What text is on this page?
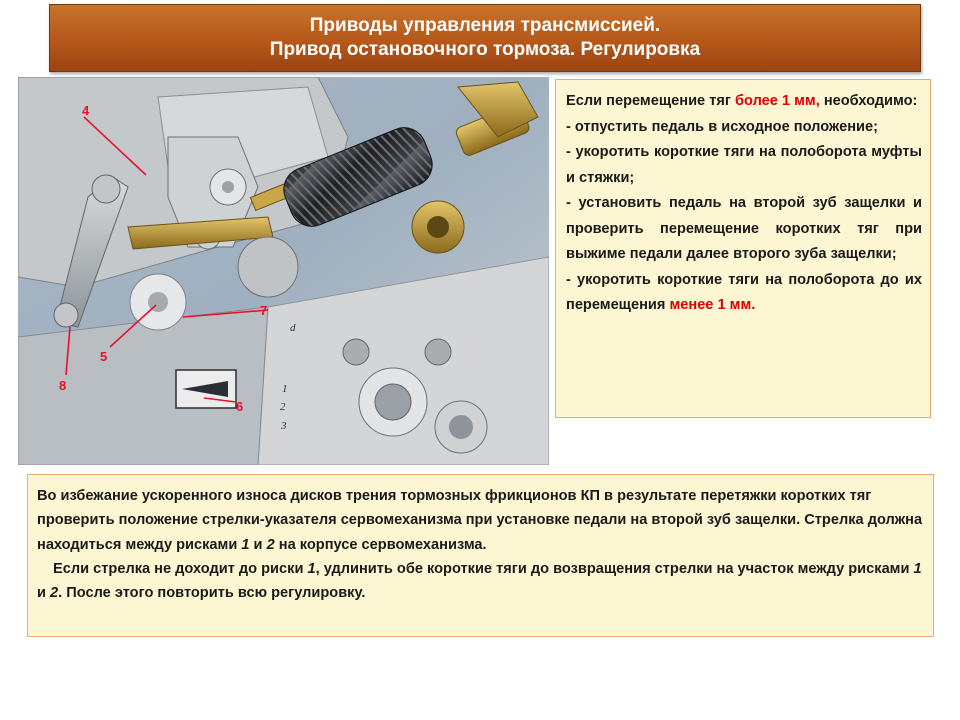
Приводы управления трансмиссией.
Привод остановочного тормоза. Регулировка
4
7
5
8
6
1
2
3
d

Если перемещение тяг более 1 мм, необходимо:

- отпустить педаль в исходное положение;

- укоротить короткие тяги на полоборота муфты и стяжки;

- установить педаль на второй зуб защелки и проверить перемещение коротких тяг при выжиме педали далее второго зуба защелки;

- укоротить короткие тяги на полоборота до их перемещения менее 1 мм.

Во избежание ускоренного износа дисков трения тормозных фрикционов КП в результате перетяжки коротких тяг проверить положение стрелки-указателя сервомеханизма при установке педали на второй зуб защелки. Стрелка должна находиться между рисками 1 и 2 на корпусе сервомеханизма.

Если стрелка не доходит до риски 1, удлинить обе короткие тяги до возвращения стрелки на участок между рисками 1 и 2. После этого повторить всю регулировку.
